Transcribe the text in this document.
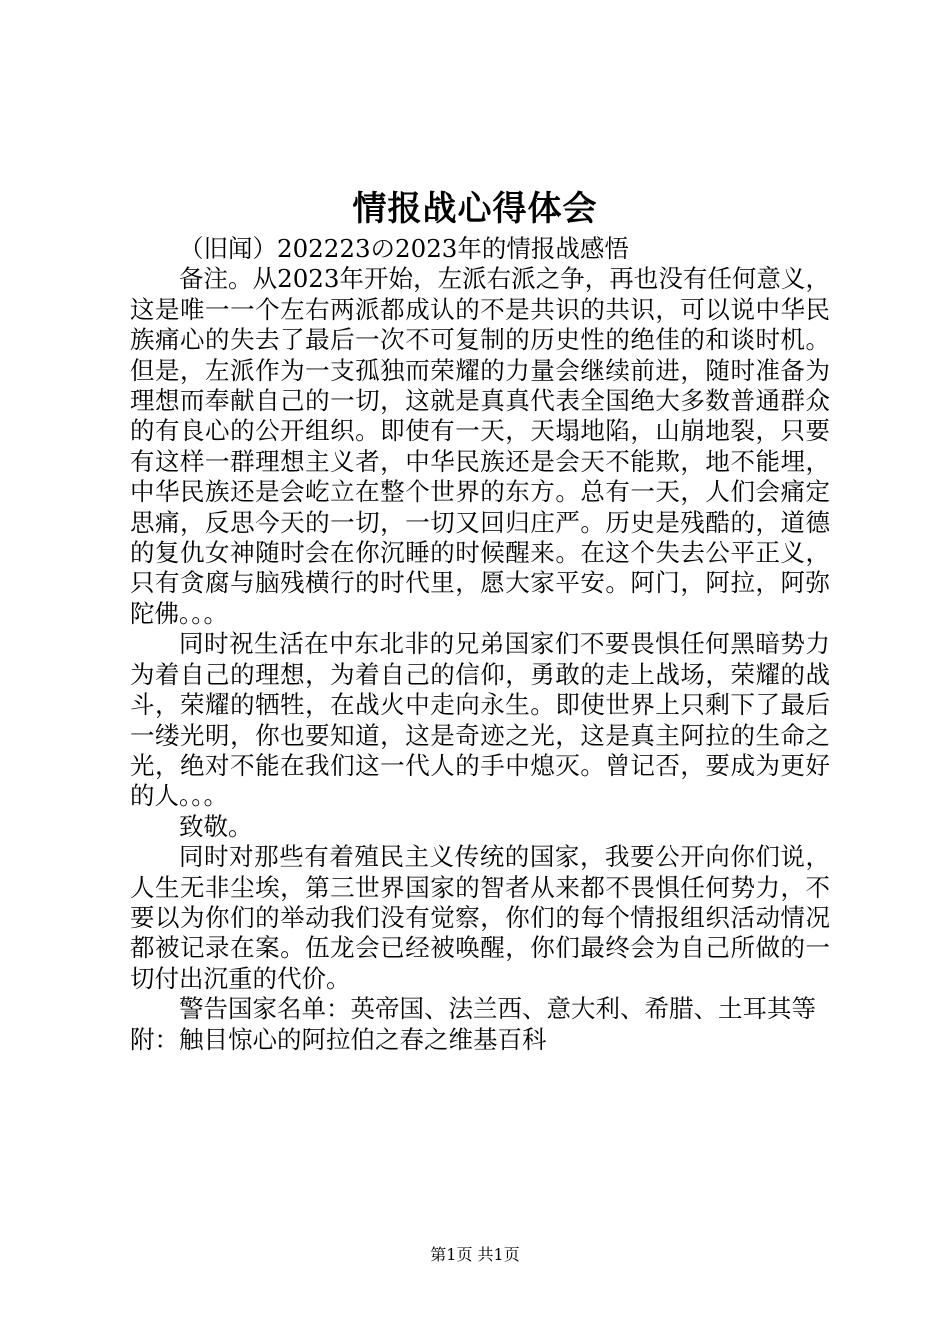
情报战心得体会

（旧闻）202223の2023年的情报战感悟

备注。从2023年开始，左派右派之争，再也没有任何意义，这是唯一一个左右两派都成认的不是共识的共识，可以说中华民族痛心的失去了最后一次不可复制的历史性的绝佳的和谈时机。但是，左派作为一支孤独而荣耀的力量会继续前进，随时准备为理想而奉献自己的一切，这就是真真代表全国绝大多数普通群众的有良心的公开组织。即使有一天，天塌地陷，山崩地裂，只要有这样一群理想主义者，中华民族还是会天不能欺，地不能埋，中华民族还是会屹立在整个世界的东方。总有一天，人们会痛定思痛，反思今天的一切，一切又回归庄严。历史是残酷的，道德的复仇女神随时会在你沉睡的时候醒来。在这个失去公平正义，只有贪腐与脑残横行的时代里，愿大家平安。阿门，阿拉，阿弥陀佛。。。

同时祝生活在中东北非的兄弟国家们不要畏惧任何黑暗势力为着自己的理想，为着自己的信仰，勇敢的走上战场，荣耀的战斗，荣耀的牺牲，在战火中走向永生。即使世界上只剩下了最后一缕光明，你也要知道，这是奇迹之光，这是真主阿拉的生命之光，绝对不能在我们这一代人的手中熄灭。曾记否，要成为更好的人。。。

致敬。

同时对那些有着殖民主义传统的国家，我要公开向你们说，人生无非尘埃，第三世界国家的智者从来都不畏惧任何势力，不要以为你们的举动我们没有觉察，你们的每个情报组织活动情况都被记录在案。伍龙会已经被唤醒，你们最终会为自己所做的一切付出沉重的代价。

警告国家名单：英帝国、法兰西、意大利、希腊、土耳其等

附：触目惊心的阿拉伯之春之维基百科

第1页 共1页
